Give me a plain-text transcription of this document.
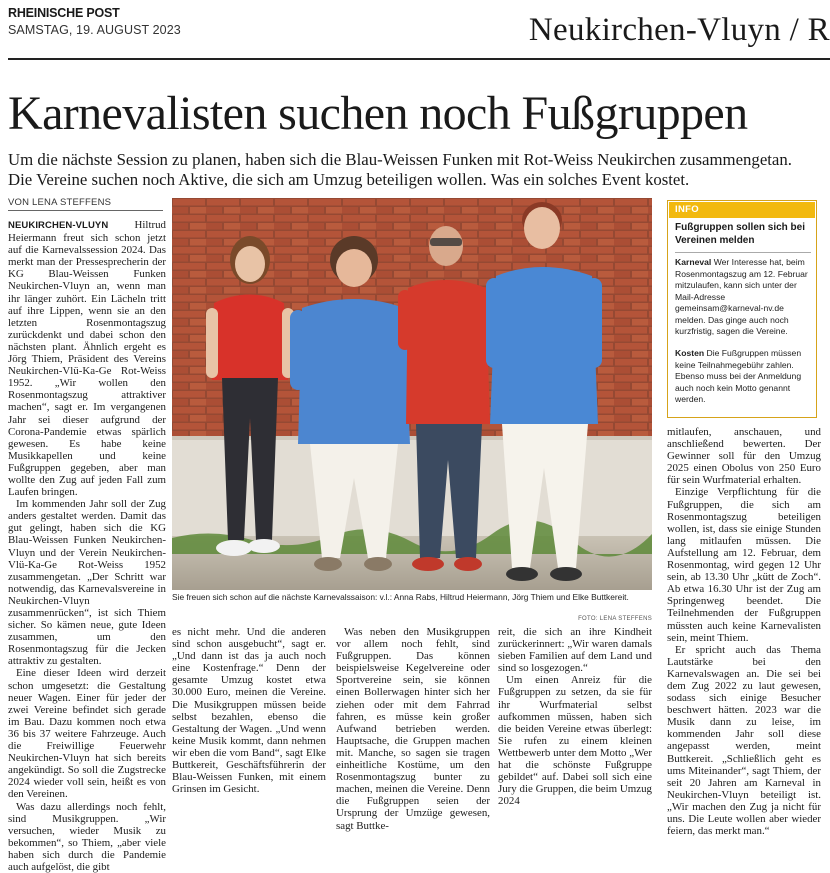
RHEINISCHE POST
SAMSTAG, 19. AUGUST 2023	Neukirchen-Vluyn / R
Karnevalisten suchen noch Fußgruppen
Um die nächste Session zu planen, haben sich die Blau-Weissen Funken mit Rot-Weiss Neukirchen zusammengetan.
Die Vereine suchen noch Aktive, die sich am Umzug beteiligen wollen. Was ein solches Event kostet.
VON LENA STEFFENS

NEUKIRCHEN-VLUYN Hiltrud Heiermann freut sich schon jetzt auf die Karnevalssession 2024. Das merkt man der Pressesprecherin der KG Blau-Weissen Funken Neukirchen-Vluyn an, wenn man ihr länger zuhört. Ein Lächeln tritt auf ihre Lippen, wenn sie an den letzten Rosenmontagszug zurückdenkt und dabei schon den nächsten plant. Ähnlich ergeht es Jörg Thiem, Präsident des Vereins Neukirchen-Vlü-Ka-Ge Rot-Weiss 1952. „Wir wollen den Rosenmontagszug attraktiver machen“, sagt er. Im vergangenen Jahr sei dieser aufgrund der Corona-Pandemie etwas spärlich gewesen. Es habe keine Musikkapellen und keine Fußgruppen gegeben, aber man wollte den Zug auf jeden Fall zum Laufen bringen.

Im kommenden Jahr soll der Zug anders gestaltet werden. Damit das gut gelingt, haben sich die KG Blau-Weissen Funken Neukirchen-Vluyn und der Verein Neukirchen-Vlü-Ka-Ge Rot-Weiss 1952 zusammengetan. „Der Schritt war notwendig, das Karnevalsvereine in Neukirchen-Vluyn zusammenrücken“, ist sich Thiem sicher. So kämen neue, gute Ideen zusammen, um den Rosenmontagszug für die Jecken attraktiv zu gestalten.

Eine dieser Ideen wird derzeit schon umgesetzt: die Gestaltung neuer Wagen. Einer für jeder der zwei Vereine befindet sich gerade im Bau. Dazu kommen noch etwa 36 bis 37 weitere Fahrzeuge. Auch die Freiwillige Feuerwehr Neukirchen-Vluyn hat sich bereits angekündigt. So soll die Zugstrecke 2024 wieder voll sein, heißt es von den Vereinen.

Was dazu allerdings noch fehlt, sind Musikgruppen. „Wir versuchen, wieder Musik zu bekommen“, so Thiem, „aber viele haben sich durch die Pandemie auch aufgelöst, die gibt

Sie freuen sich schon auf die nächste Karnevalssaison: v.l.: Anna Rabs, Hiltrud Heiermann, Jörg Thiem und Elke Buttkereit.
FOTO: LENA STEFFENS

es nicht mehr. Und die anderen sind schon ausgebucht“, sagt er. „Und dann ist das ja auch noch eine Kostenfrage.“ Denn der gesamte Umzug kostet etwa 30.000 Euro, meinen die Vereine. Die Musikgruppen müssen beide selbst bezahlen, ebenso die Gestaltung der Wagen. „Und wenn keine Musik kommt, dann nehmen wir eben die vom Band“, sagt Elke Buttkereit, Geschäftsführerin der Blau-Weissen Funken, mit einem Grinsen im Gesicht.

Was neben den Musikgruppen vor allem noch fehlt, sind Fußgruppen. Das können beispielsweise Kegelvereine oder Sportvereine sein, sie können einen Bollerwagen hinter sich her ziehen oder mit dem Fahrrad fahren, es müsse kein großer Aufwand betrieben werden. Hauptsache, die Gruppen machen mit. Manche, so sagen sie tragen einheitliche Kostüme, um den Rosenmontagszug bunter zu machen, meinen die Vereine. Denn die Fußgruppen seien der Ursprung der Umzüge gewesen, sagt Buttke-

reit, die sich an ihre Kindheit zurückerinnert: „Wir waren damals sieben Familien auf dem Land und sind so losgezogen.“

Um einen Anreiz für die Fußgruppen zu setzen, da sie für ihr Wurfmaterial selbst aufkommen müssen, haben sich die beiden Vereine etwas überlegt: Sie rufen zu einem kleinen Wettbewerb unter dem Motto „Wer hat die schönste Fußgruppe gebildet“ auf. Dabei soll sich eine Jury die Gruppen, die beim Umzug 2024

INFO
Fußgruppen sollen sich bei Vereinen melden
Karneval Wer Interesse hat, beim Rosenmontagszug am 12. Februar mitzulaufen, kann sich unter der Mail-Adresse gemeinsam@karneval-nv.de melden. Das ginge auch noch kurzfristig, sagen die Vereine.
Kosten Die Fußgruppen müssen keine Teilnahmegebühr zahlen. Ebenso muss bei der Anmeldung auch noch kein Motto genannt werden.

mitlaufen, anschauen, und anschließend bewerten. Der Gewinner soll für den Umzug 2025 einen Obolus von 250 Euro für sein Wurfmaterial erhalten.

Einzige Verpflichtung für die Fußgruppen, die sich am Rosenmontagszug beteiligen wollen, ist, dass sie einige Stunden lang mitlaufen müssen. Die Aufstellung am 12. Februar, dem Rosenmontag, wird gegen 12 Uhr sein, ab 13.30 Uhr „kütt de Zoch“. Ab etwa 16.30 Uhr ist der Zug am Springenweg beendet. Die Teilnehmenden der Fußgruppen müssten auch keine Karnevalisten sein, meint Thiem.

Er spricht auch das Thema Lautstärke bei den Karnevalswagen an. Die sei bei dem Zug 2022 zu laut gewesen, sodass sich einige Besucher beschwert hätten. 2023 war die Musik dann zu leise, im kommenden Jahr soll diese angepasst werden, meint Buttkereit. „Schließlich geht es ums Miteinander“, sagt Thiem, der seit 20 Jahren am Karneval in Neukirchen-Vluyn beteiligt ist. „Wir machen den Zug ja nicht für uns. Die Leute wollen aber wieder feiern, das merkt man.“
